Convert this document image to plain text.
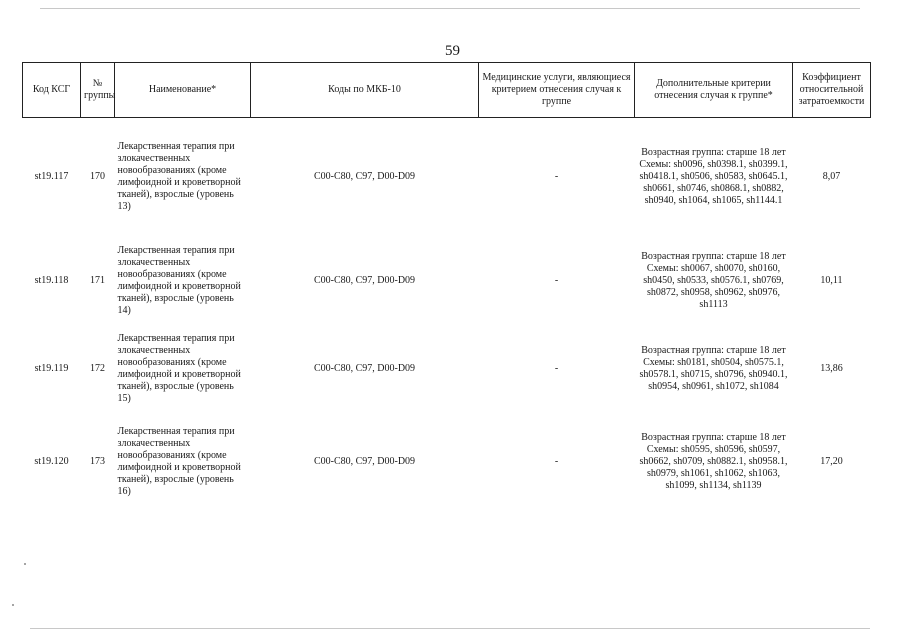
59
Код КСГ	№ группы	Наименование*	Коды по МКБ-10	Медицинские услуги, являющиеся критерием отнесения случая к группе	Дополнительные критерии отнесения случая к группе*	Коэффициент относительной затратоемкости
st19.117	170	Лекарственная терапия при злокачественных новообразованиях (кроме лимфоидной и кроветворной тканей), взрослые (уровень 13)	C00-C80, C97, D00-D09	-	Возрастная группа: старше 18 лет Схемы: sh0096, sh0398.1, sh0399.1, sh0418.1, sh0506, sh0583, sh0645.1, sh0661, sh0746, sh0868.1, sh0882, sh0940, sh1064, sh1065, sh1144.1	8,07
st19.118	171	Лекарственная терапия при злокачественных новообразованиях (кроме лимфоидной и кроветворной тканей), взрослые (уровень 14)	C00-C80, C97, D00-D09	-	Возрастная группа: старше 18 лет Схемы: sh0067, sh0070, sh0160, sh0450, sh0533, sh0576.1, sh0769, sh0872, sh0958, sh0962, sh0976, sh1113	10,11
st19.119	172	Лекарственная терапия при злокачественных новообразованиях (кроме лимфоидной и кроветворной тканей), взрослые (уровень 15)	C00-C80, C97, D00-D09	-	Возрастная группа: старше 18 лет Схемы: sh0181, sh0504, sh0575.1, sh0578.1, sh0715, sh0796, sh0940.1, sh0954, sh0961, sh1072, sh1084	13,86
st19.120	173	Лекарственная терапия при злокачественных новообразованиях (кроме лимфоидной и кроветворной тканей), взрослые (уровень 16)	C00-C80, C97, D00-D09	-	Возрастная группа: старше 18 лет Схемы: sh0595, sh0596, sh0597, sh0662, sh0709, sh0882.1, sh0958.1, sh0979, sh1061, sh1062, sh1063, sh1099, sh1134, sh1139	17,20
